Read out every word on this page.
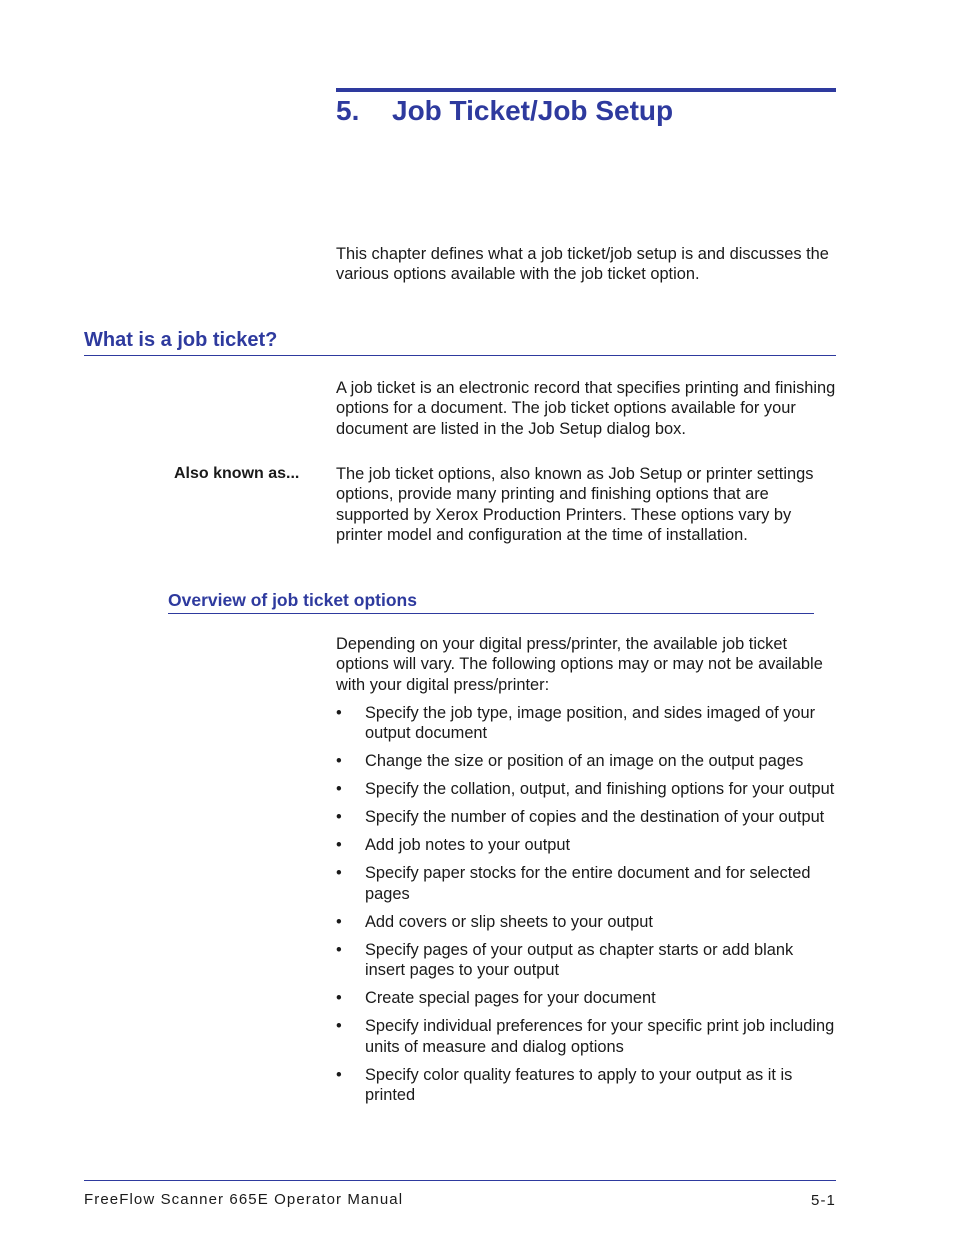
5. Job Ticket/Job Setup

This chapter defines what a job ticket/job setup is and discusses the various options available with the job ticket option.

What is a job ticket?

A job ticket is an electronic record that specifies printing and finishing options for a document. The job ticket options available for your document are listed in the Job Setup dialog box.

Also known as... The job ticket options, also known as Job Setup or printer settings options, provide many printing and finishing options that are supported by Xerox Production Printers. These options vary by printer model and configuration at the time of installation.

Overview of job ticket options

Depending on your digital press/printer, the available job ticket options will vary. The following options may or may not be available with your digital press/printer:

• Specify the job type, image position, and sides imaged of your output document
• Change the size or position of an image on the output pages
• Specify the collation, output, and finishing options for your output
• Specify the number of copies and the destination of your output
• Add job notes to your output
• Specify paper stocks for the entire document and for selected pages
• Add covers or slip sheets to your output
• Specify pages of your output as chapter starts or add blank insert pages to your output
• Create special pages for your document
• Specify individual preferences for your specific print job including units of measure and dialog options
• Specify color quality features to apply to your output as it is printed

FreeFlow Scanner 665E Operator Manual	5-1
